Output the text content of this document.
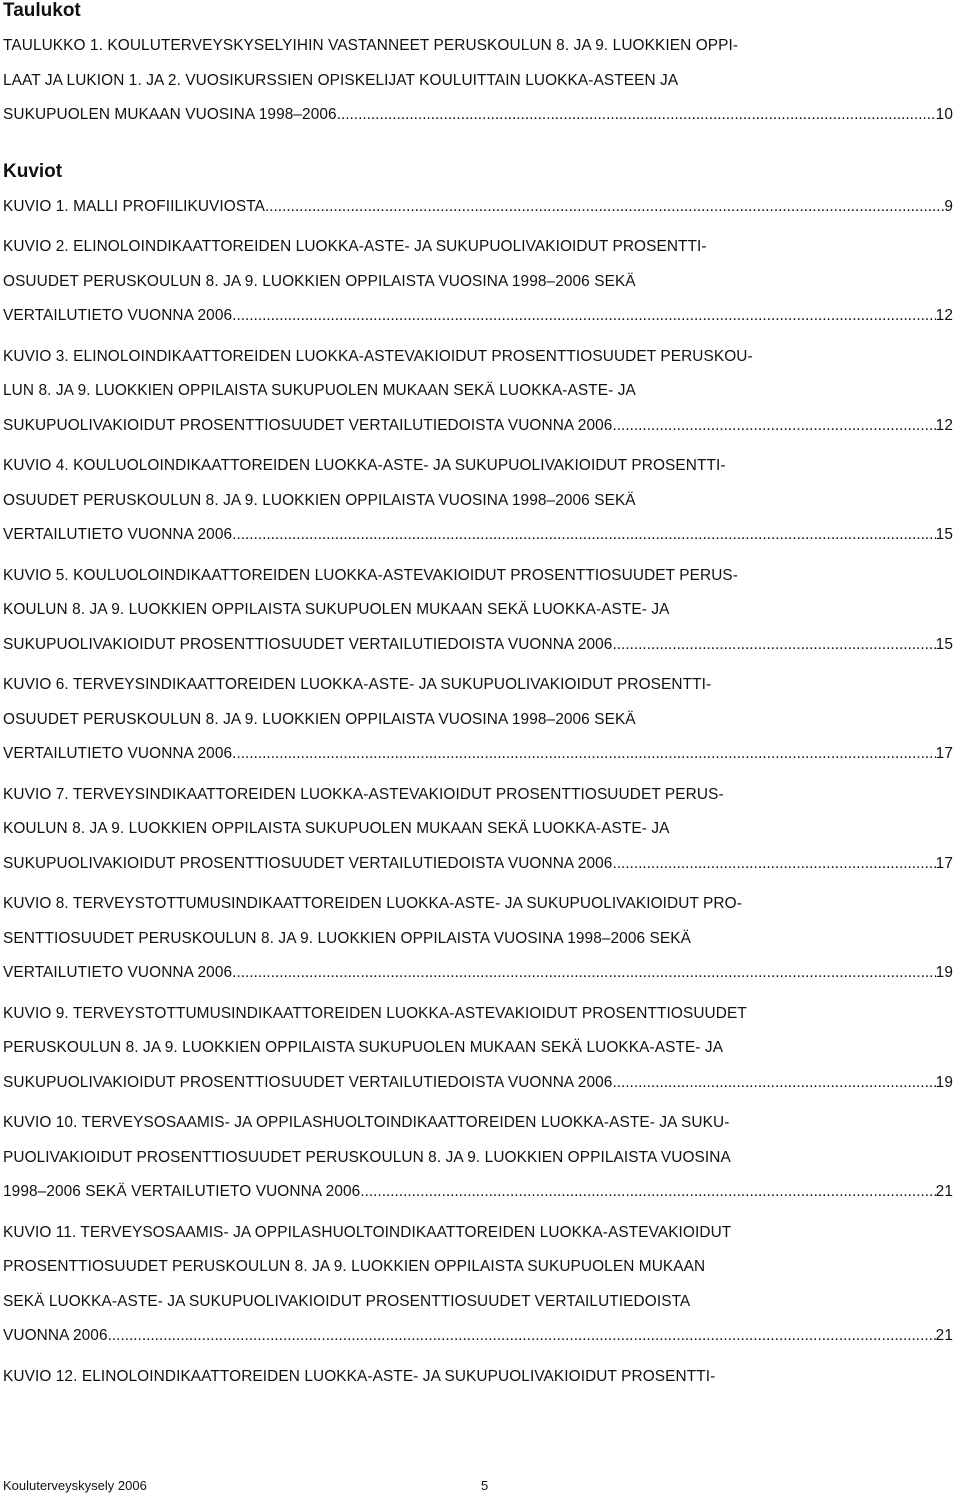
Taulukot
TAULUKKO 1. KOULUTERVEYSKYSELYIHIN VASTANNEET PERUSKOULUN 8. JA 9. LUOKKIEN OPPI-
LAAT JA LUKION 1. JA 2. VUOSIKURSSIEN OPISKELIJAT KOULUITTAIN LUOKKA-ASTEEN JA
SUKUPUOLEN MUKAAN VUOSINA 1998–2006 .....	10
Kuviot
KUVIO 1. MALLI PROFIILIKUVIOSTA .....	9
KUVIO 2. ELINOLOINDIKAATTOREIDEN LUOKKA-ASTE- JA SUKUPUOLIVAKIOIDUT PROSENTTI-
OSUUDET PERUSKOULUN 8. JA 9. LUOKKIEN OPPILAISTA VUOSINA 1998–2006 SEKÄ
VERTAILUTIETO VUONNA 2006 .....	12
KUVIO 3. ELINOLOINDIKAATTOREIDEN LUOKKA-ASTEVAKIOIDUT PROSENTTIOSUUDET PERUSKOU-
LUN 8. JA 9. LUOKKIEN OPPILAISTA SUKUPUOLEN MUKAAN SEKÄ LUOKKA-ASTE- JA
SUKUPUOLIVAKIOIDUT PROSENTTIOSUUDET VERTAILUTIEDOISTA VUONNA 2006 .....	12
KUVIO 4. KOULUOLOINDIKAATTOREIDEN LUOKKA-ASTE- JA SUKUPUOLIVAKIOIDUT PROSENTTI-
OSUUDET PERUSKOULUN 8. JA 9. LUOKKIEN OPPILAISTA VUOSINA 1998–2006 SEKÄ
VERTAILUTIETO VUONNA 2006 .....	15
KUVIO 5. KOULUOLOINDIKAATTOREIDEN LUOKKA-ASTEVAKIOIDUT PROSENTTIOSUUDET PERUS-
KOULUN 8. JA 9. LUOKKIEN OPPILAISTA SUKUPUOLEN MUKAAN SEKÄ LUOKKA-ASTE- JA
SUKUPUOLIVAKIOIDUT PROSENTTIOSUUDET VERTAILUTIEDOISTA VUONNA 2006 .....	15
KUVIO 6. TERVEYSINDIKAATTOREIDEN LUOKKA-ASTE- JA SUKUPUOLIVAKIOIDUT PROSENTTI-
OSUUDET PERUSKOULUN 8. JA 9. LUOKKIEN OPPILAISTA VUOSINA 1998–2006 SEKÄ
VERTAILUTIETO VUONNA 2006 .....	17
KUVIO 7. TERVEYSINDIKAATTOREIDEN LUOKKA-ASTEVAKIOIDUT PROSENTTIOSUUDET PERUS-
KOULUN 8. JA 9. LUOKKIEN OPPILAISTA SUKUPUOLEN MUKAAN SEKÄ LUOKKA-ASTE- JA
SUKUPUOLIVAKIOIDUT PROSENTTIOSUUDET VERTAILUTIEDOISTA VUONNA 2006 .....	17
KUVIO 8. TERVEYSTOTTUMUSINDIKAATTOREIDEN LUOKKA-ASTE- JA SUKUPUOLIVAKIOIDUT PRO-
SENTTIOSUUDET PERUSKOULUN 8. JA 9. LUOKKIEN OPPILAISTA VUOSINA 1998–2006 SEKÄ
VERTAILUTIETO VUONNA 2006 .....	19
KUVIO 9. TERVEYSTOTTUMUSINDIKAATTOREIDEN LUOKKA-ASTEVAKIOIDUT PROSENTTIOSUUDET
PERUSKOULUN 8. JA 9. LUOKKIEN OPPILAISTA SUKUPUOLEN MUKAAN SEKÄ LUOKKA-ASTE- JA
SUKUPUOLIVAKIOIDUT PROSENTTIOSUUDET VERTAILUTIEDOISTA VUONNA 2006 .....	19
KUVIO 10. TERVEYSOSAAMIS- JA OPPILASHUOLTOINDIKAATTOREIDEN LUOKKA-ASTE- JA SUKU-
PUOLIVAKIOIDUT PROSENTTIOSUUDET PERUSKOULUN 8. JA 9. LUOKKIEN OPPILAISTA VUOSINA
1998–2006 SEKÄ VERTAILUTIETO VUONNA 2006 .....	21
KUVIO 11. TERVEYSOSAAMIS- JA OPPILASHUOLTOINDIKAATTOREIDEN LUOKKA-ASTEVAKIOIDUT
PROSENTTIOSUUDET PERUSKOULUN 8. JA 9. LUOKKIEN OPPILAISTA SUKUPUOLEN MUKAAN
SEKÄ LUOKKA-ASTE- JA SUKUPUOLIVAKIOIDUT PROSENTTIOSUUDET VERTAILUTIEDOISTA
VUONNA 2006 .....	21
KUVIO 12. ELINOLOINDIKAATTOREIDEN LUOKKA-ASTE- JA SUKUPUOLIVAKIOIDUT PROSENTTI-
Kouluterveyskysely 2006	5
